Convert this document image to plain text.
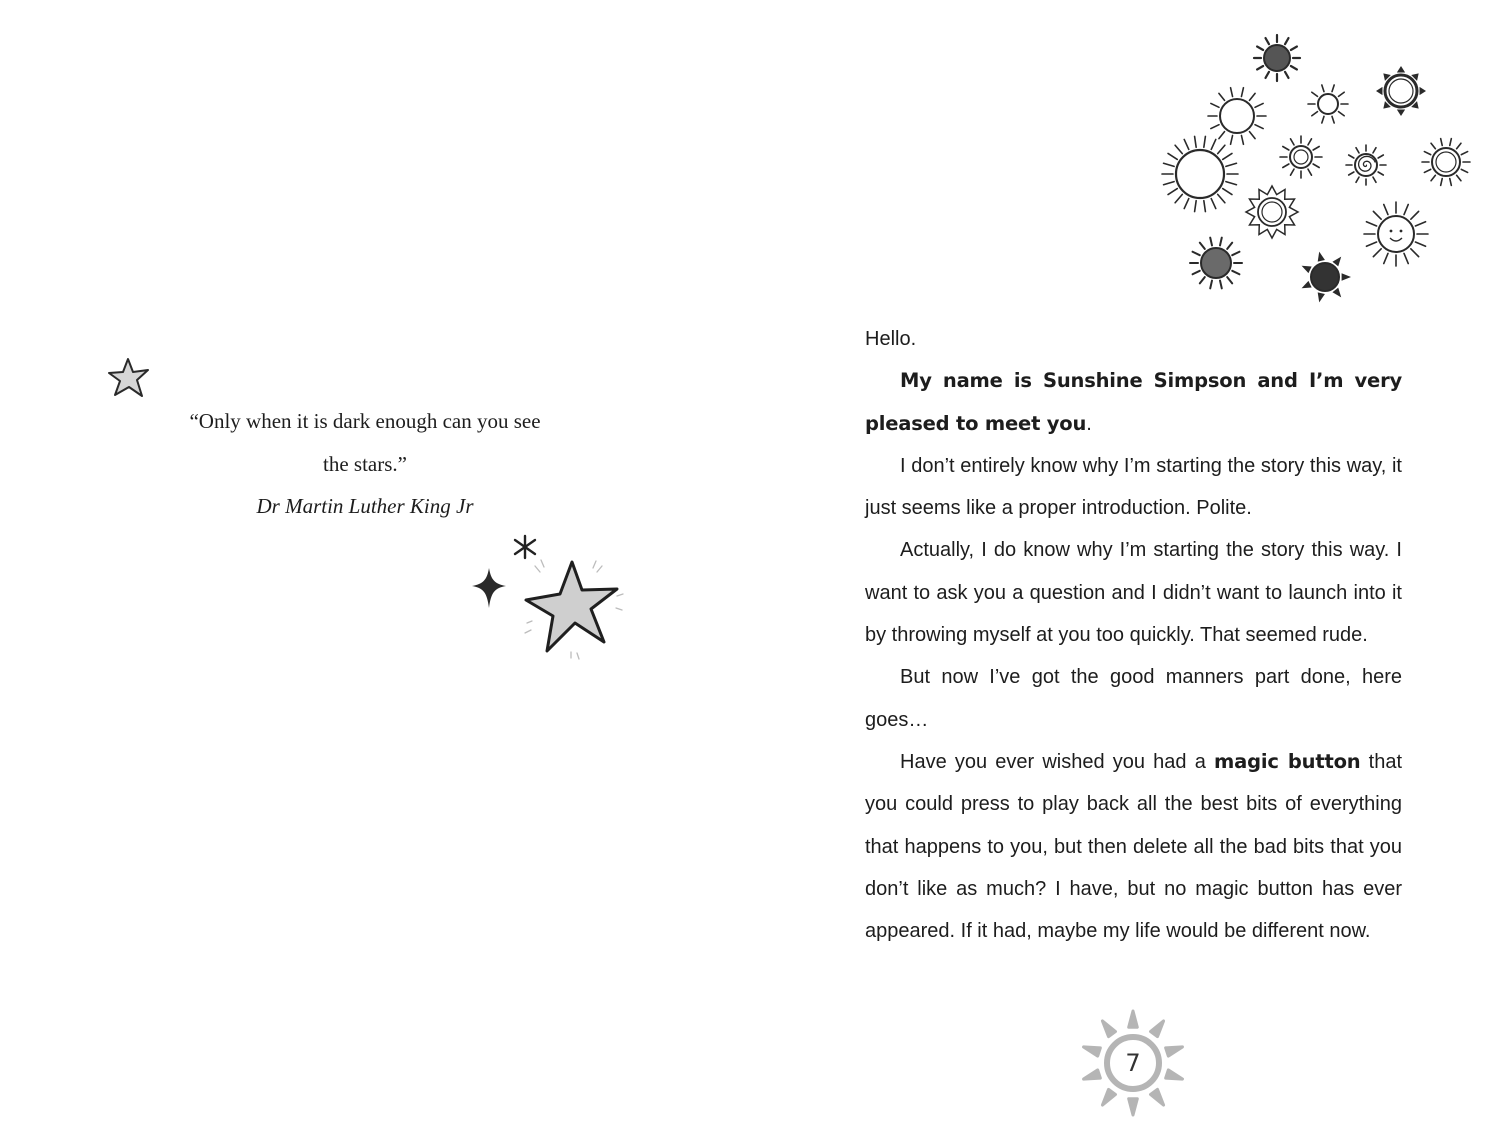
“Only when it is dark enough can you see
the stars.”

Dr Martin Luther King Jr

Hello.

My name is Sunshine Simpson and I’m very pleased to meet you.

I don’t entirely know why I’m starting the story this way, it just seems like a proper introduction. Polite.

Actually, I do know why I’m starting the story this way. I want to ask you a question and I didn’t want to launch into it by throwing myself at you too quickly. That seemed rude.

But now I’ve got the good manners part done, here goes…

Have you ever wished you had a magic button that you could press to play back all the best bits of everything that happens to you, but then delete all the bad bits that you don’t like as much? I have, but no magic button has ever appeared. If it had, maybe my life would be different now.

7
